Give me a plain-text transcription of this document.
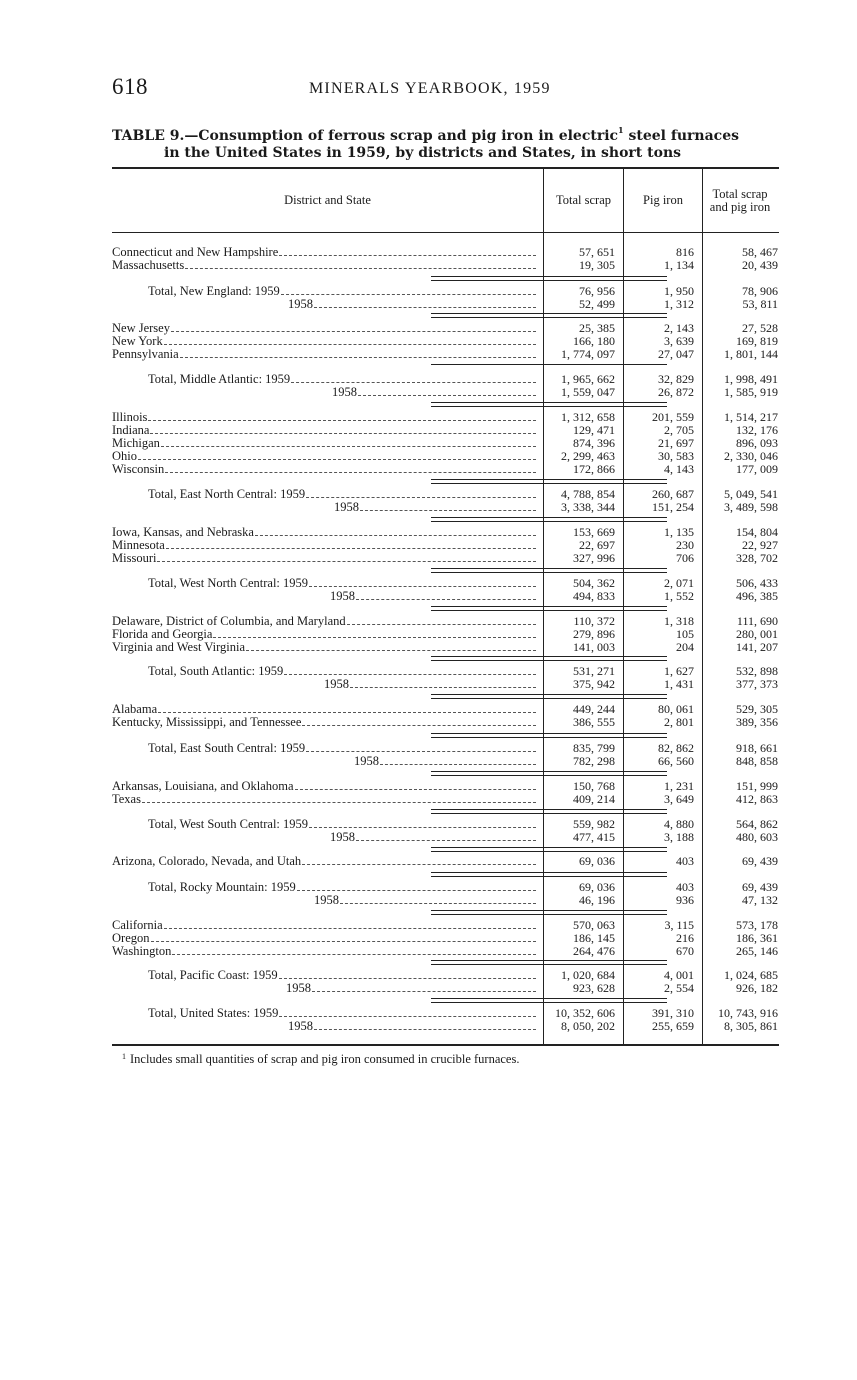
618	MINERALS YEARBOOK, 1959
TABLE 9.—Consumption of ferrous scrap and pig iron in electric$^1$ steel furnaces
in the United States in 1959, by districts and States, in short tons
District and State	Total scrap	Pig iron	Total scrap and pig iron
Connecticut and New Hampshire	57, 651	816	58, 467
Massachusetts	19, 305	1, 134	20, 439
Total, New England: 1959	76, 956	1, 950	78, 906
1958	52, 499	1, 312	53, 811
New Jersey	25, 385	2, 143	27, 528
New York	166, 180	3, 639	169, 819
Pennsylvania	1, 774, 097	27, 047	1, 801, 144
Total, Middle Atlantic: 1959	1, 965, 662	32, 829	1, 998, 491
1958	1, 559, 047	26, 872	1, 585, 919
Illinois	1, 312, 658	201, 559	1, 514, 217
Indiana	129, 471	2, 705	132, 176
Michigan	874, 396	21, 697	896, 093
Ohio	2, 299, 463	30, 583	2, 330, 046
Wisconsin	172, 866	4, 143	177, 009
Total, East North Central: 1959	4, 788, 854	260, 687	5, 049, 541
1958	3, 338, 344	151, 254	3, 489, 598
Iowa, Kansas, and Nebraska	153, 669	1, 135	154, 804
Minnesota	22, 697	230	22, 927
Missouri	327, 996	706	328, 702
Total, West North Central: 1959	504, 362	2, 071	506, 433
1958	494, 833	1, 552	496, 385
Delaware, District of Columbia, and Maryland	110, 372	1, 318	111, 690
Florida and Georgia	279, 896	105	280, 001
Virginia and West Virginia	141, 003	204	141, 207
Total, South Atlantic: 1959	531, 271	1, 627	532, 898
1958	375, 942	1, 431	377, 373
Alabama	449, 244	80, 061	529, 305
Kentucky, Mississippi, and Tennessee	386, 555	2, 801	389, 356
Total, East South Central: 1959	835, 799	82, 862	918, 661
1958	782, 298	66, 560	848, 858
Arkansas, Louisiana, and Oklahoma	150, 768	1, 231	151, 999
Texas	409, 214	3, 649	412, 863
Total, West South Central: 1959	559, 982	4, 880	564, 862
1958	477, 415	3, 188	480, 603
Arizona, Colorado, Nevada, and Utah	69, 036	403	69, 439
Total, Rocky Mountain: 1959	69, 036	403	69, 439
1958	46, 196	936	47, 132
California	570, 063	3, 115	573, 178
Oregon	186, 145	216	186, 361
Washington	264, 476	670	265, 146
Total, Pacific Coast: 1959	1, 020, 684	4, 001	1, 024, 685
1958	923, 628	2, 554	926, 182
Total, United States: 1959	10, 352, 606	391, 310	10, 743, 916
1958	8, 050, 202	255, 659	8, 305, 861
$^1$ Includes small quantities of scrap and pig iron consumed in crucible furnaces.
